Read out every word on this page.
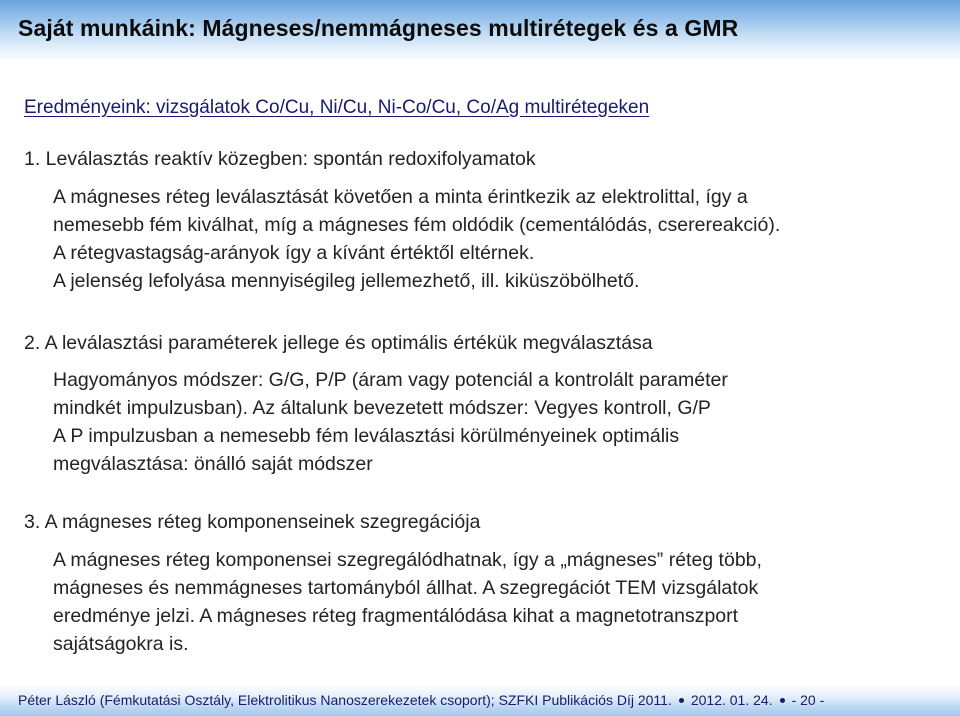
Saját munkáink: Mágneses/nemmágneses multirétegek és a GMR
Eredményeink: vizsgálatok Co/Cu, Ni/Cu, Ni-Co/Cu, Co/Ag multirétegeken
1. Leválasztás reaktív közegben: spontán redoxifolyamatok
A mágneses réteg leválasztását követően a minta érintkezik az elektrolittal, így a
nemesebb fém kiválhat, míg a mágneses fém oldódik (cementálódás, cserereakció).
A rétegvastagság-arányok így a kívánt értéktől eltérnek.
A jelenség lefolyása mennyiségileg jellemezhető, ill. kiküszöbölhető.
2. A leválasztási paraméterek jellege és optimális értékük megválasztása
Hagyományos módszer: G/G, P/P (áram vagy potenciál a kontrolált paraméter
mindkét impulzusban). Az általunk bevezetett módszer: Vegyes kontroll, G/P
A P impulzusban a nemesebb fém leválasztási körülményeinek optimális
megválasztása: önálló saját módszer
3. A mágneses réteg komponenseinek szegregációja
A mágneses réteg komponensei szegregálódhatnak, így a „mágneses” réteg több,
mágneses és nemmágneses tartományból állhat. A szegregációt TEM vizsgálatok
eredménye jelzi. A mágneses réteg fragmentálódása kihat a magnetotranszport
sajátságokra is.
Péter László (Fémkutatási Osztály, Elektrolitikus Nanoszerekezetek csoport); SZFKI Publikációs Díj 2011. 2012. 01. 24. - 20 -
